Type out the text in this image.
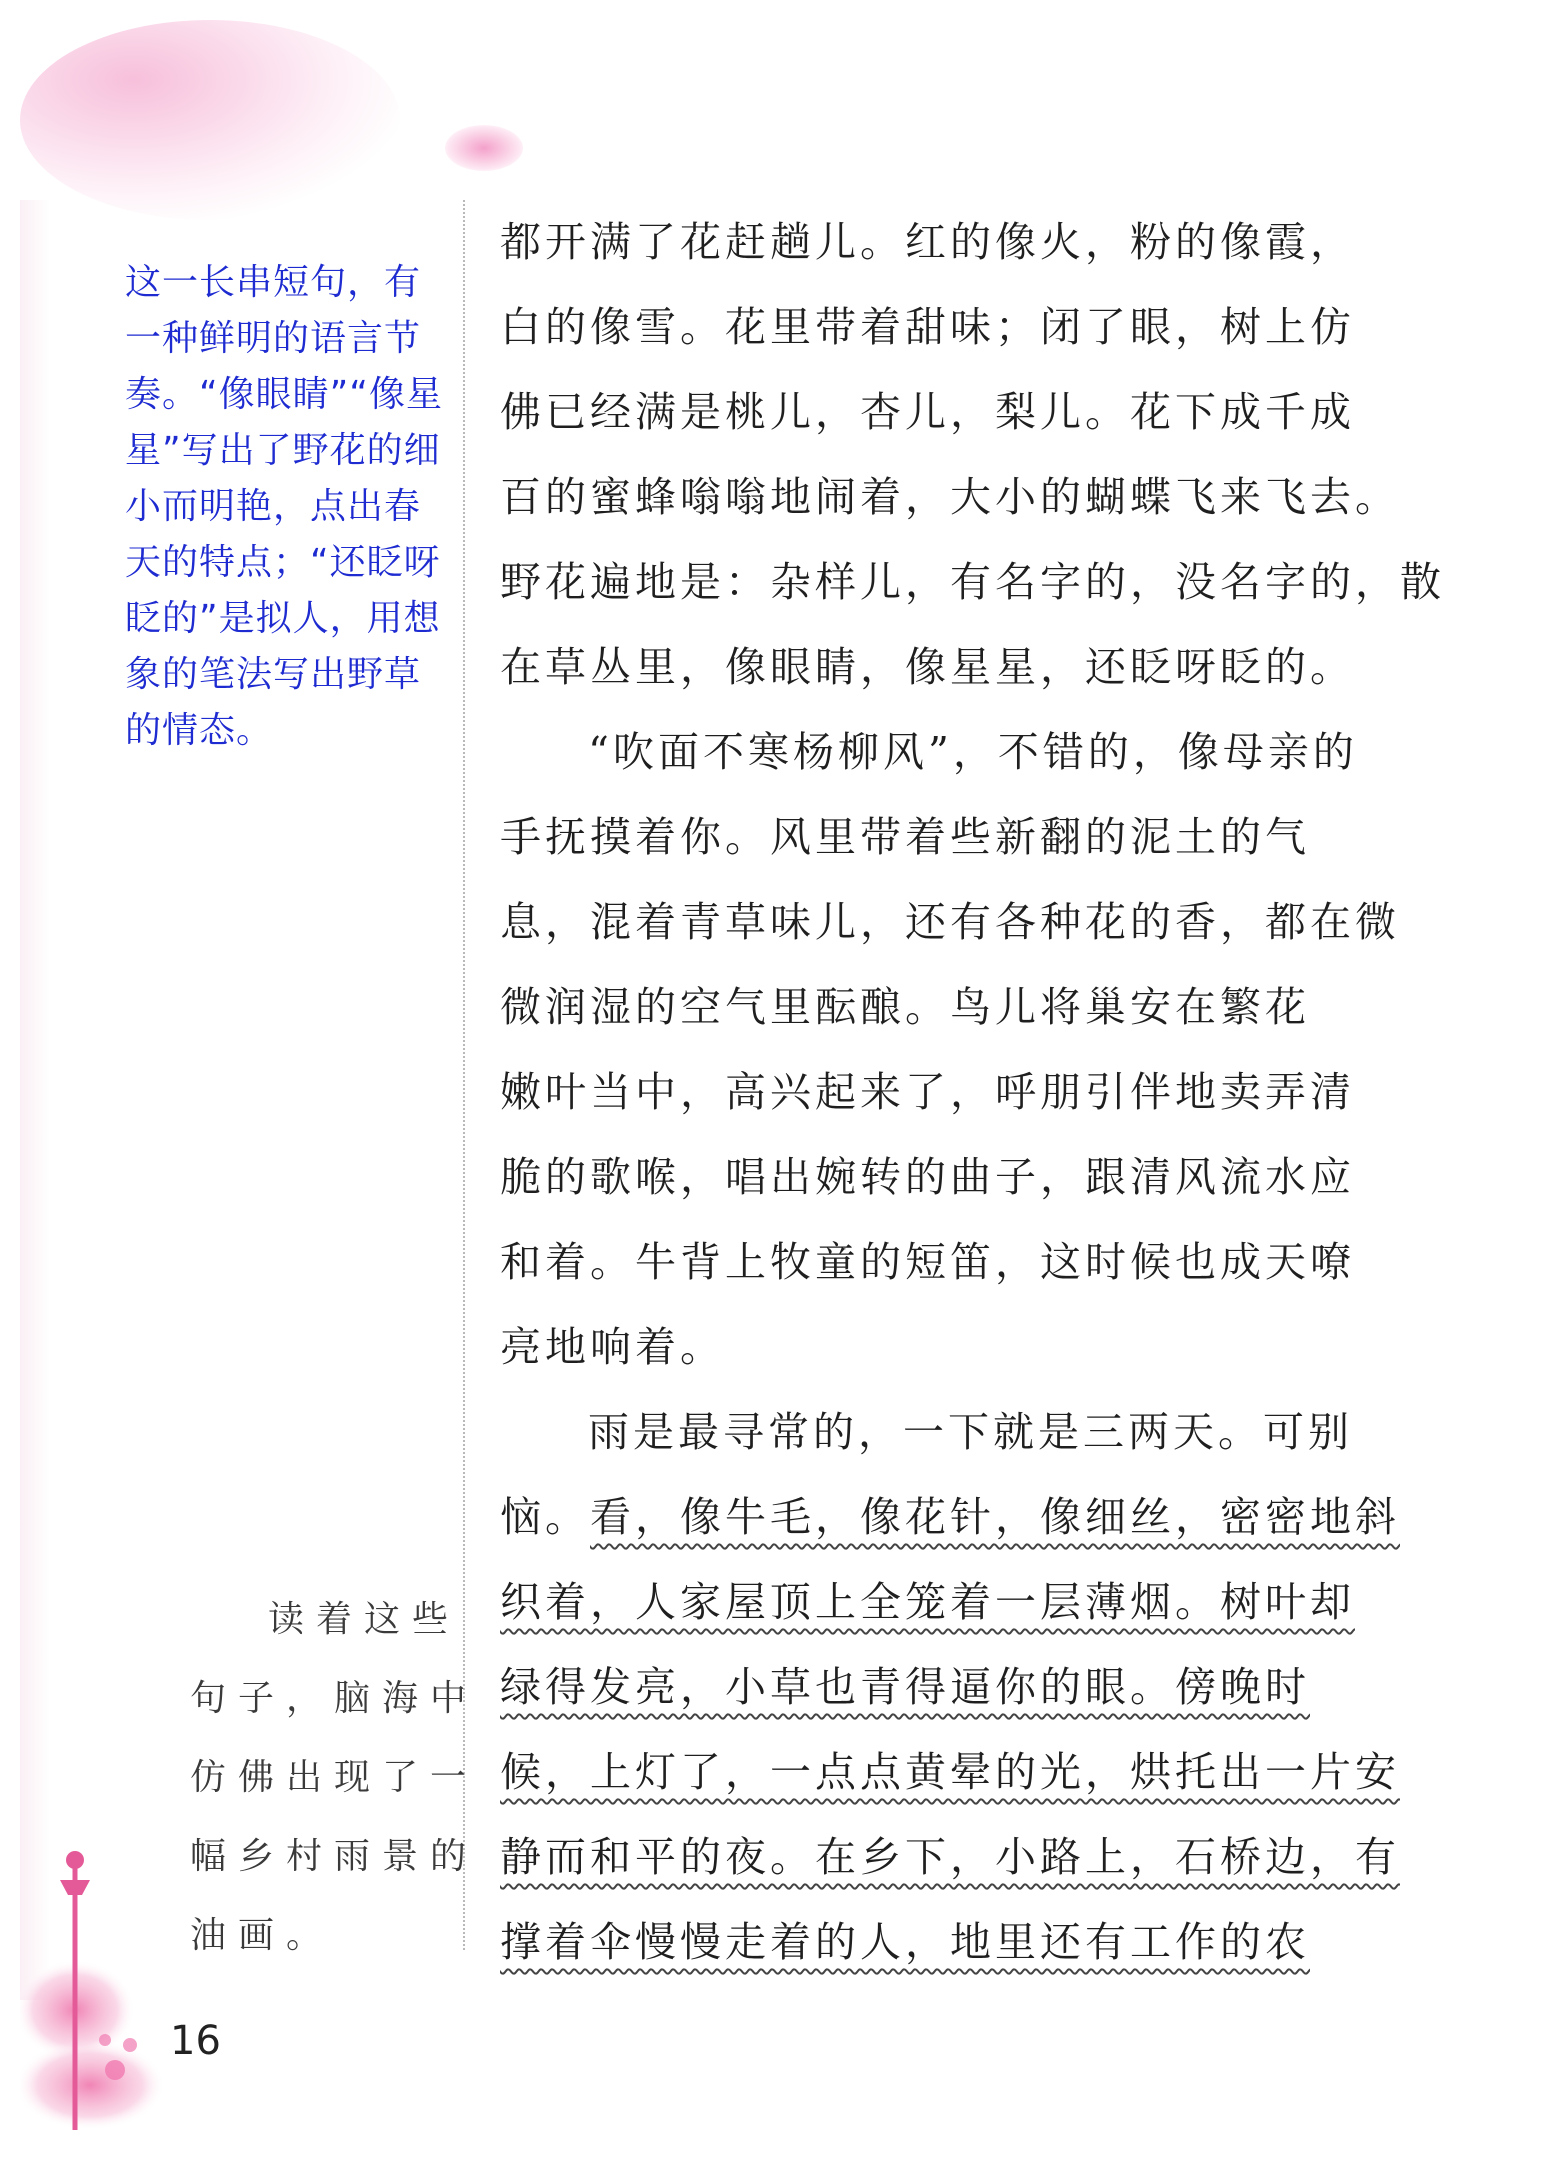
这一长串短句，有
一种鲜明的语言节
奏。“像眼睛”“像星
星”写出了野花的细
小而明艳，点出春
天的特点；“还眨呀
眨的”是拟人，用想
象的笔法写出野草
的情态。
读着这些
句子，脑海中
仿佛出现了一
幅乡村雨景的
油画。
16
都开满了花赶趟儿。红的像火，粉的像霞，
白的像雪。花里带着甜味；闭了眼，树上仿
佛已经满是桃儿，杏儿，梨儿。花下成千成
百的蜜蜂嗡嗡地闹着，大小的蝴蝶飞来飞去。
野花遍地是：杂样儿，有名字的，没名字的，散
在草丛里，像眼睛，像星星，还眨呀眨的。
“吹面不寒杨柳风”，不错的，像母亲的
手抚摸着你。风里带着些新翻的泥土的气
息，混着青草味儿，还有各种花的香，都在微
微润湿的空气里酝酿。鸟儿将巢安在繁花
嫩叶当中，高兴起来了，呼朋引伴地卖弄清
脆的歌喉，唱出婉转的曲子，跟清风流水应
和着。牛背上牧童的短笛，这时候也成天嘹
亮地响着。
雨是最寻常的，一下就是三两天。可别
恼。看，像牛毛，像花针，像细丝，密密地斜
织着，人家屋顶上全笼着一层薄烟。树叶却
绿得发亮，小草也青得逼你的眼。傍晚时
候，上灯了，一点点黄晕的光，烘托出一片安
静而和平的夜。在乡下，小路上，石桥边，有
撑着伞慢慢走着的人，地里还有工作的农
